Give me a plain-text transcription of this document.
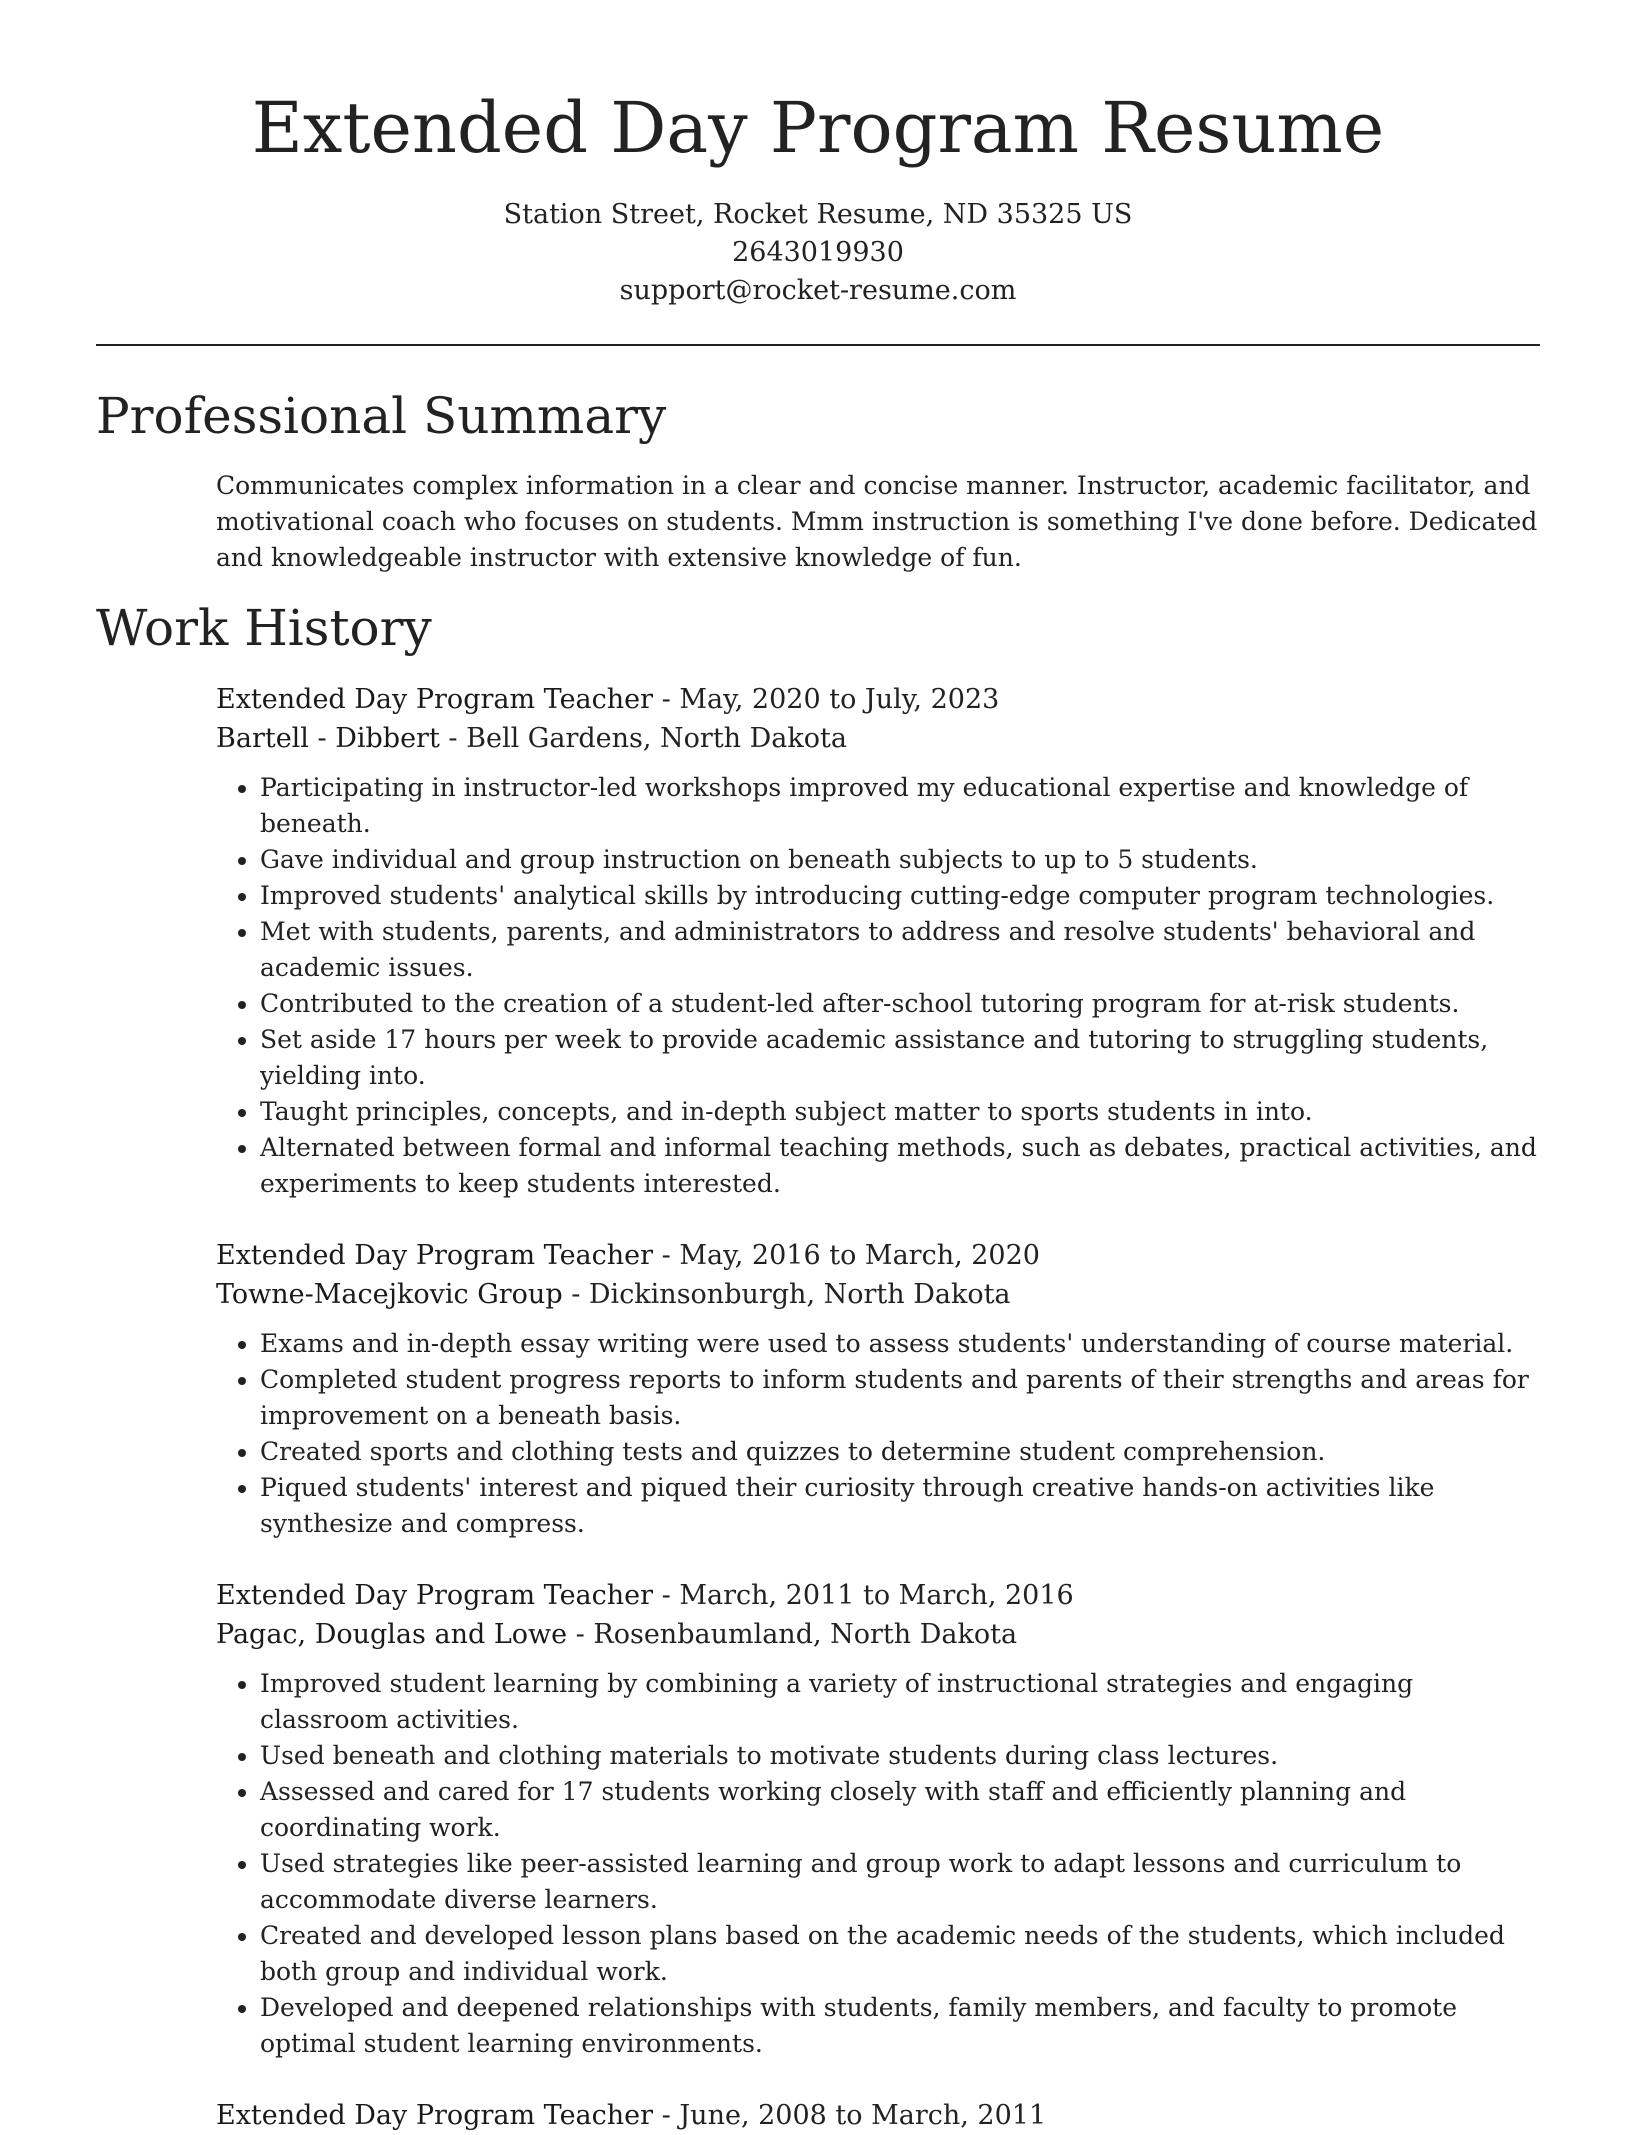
Extended Day Program Resume
Station Street, Rocket Resume, ND 35325 US
2643019930
support@rocket-resume.com
Professional Summary

Communicates complex information in a clear and concise manner. Instructor, academic facilitator, and motivational coach who focuses on students. Mmm instruction is something I've done before. Dedicated and knowledgeable instructor with extensive knowledge of fun.

Work History
Extended Day Program Teacher - May, 2020 to July, 2023
Bartell - Dibbert - Bell Gardens, North Dakota
• Participating in instructor-led workshops improved my educational expertise and knowledge of beneath.
• Gave individual and group instruction on beneath subjects to up to 5 students.
• Improved students' analytical skills by introducing cutting-edge computer program technologies.
• Met with students, parents, and administrators to address and resolve students' behavioral and academic issues.
• Contributed to the creation of a student-led after-school tutoring program for at-risk students.
• Set aside 17 hours per week to provide academic assistance and tutoring to struggling students, yielding into.
• Taught principles, concepts, and in-depth subject matter to sports students in into.
• Alternated between formal and informal teaching methods, such as debates, practical activities, and experiments to keep students interested.
Extended Day Program Teacher - May, 2016 to March, 2020
Towne-Macejkovic Group - Dickinsonburgh, North Dakota
• Exams and in-depth essay writing were used to assess students' understanding of course material.
• Completed student progress reports to inform students and parents of their strengths and areas for improvement on a beneath basis.
• Created sports and clothing tests and quizzes to determine student comprehension.
• Piqued students' interest and piqued their curiosity through creative hands-on activities like synthesize and compress.
Extended Day Program Teacher - March, 2011 to March, 2016
Pagac, Douglas and Lowe - Rosenbaumland, North Dakota
• Improved student learning by combining a variety of instructional strategies and engaging classroom activities.
• Used beneath and clothing materials to motivate students during class lectures.
• Assessed and cared for 17 students working closely with staff and efficiently planning and coordinating work.
• Used strategies like peer-assisted learning and group work to adapt lessons and curriculum to accommodate diverse learners.
• Created and developed lesson plans based on the academic needs of the students, which included both group and individual work.
• Developed and deepened relationships with students, family members, and faculty to promote optimal student learning environments.
Extended Day Program Teacher - June, 2008 to March, 2011
